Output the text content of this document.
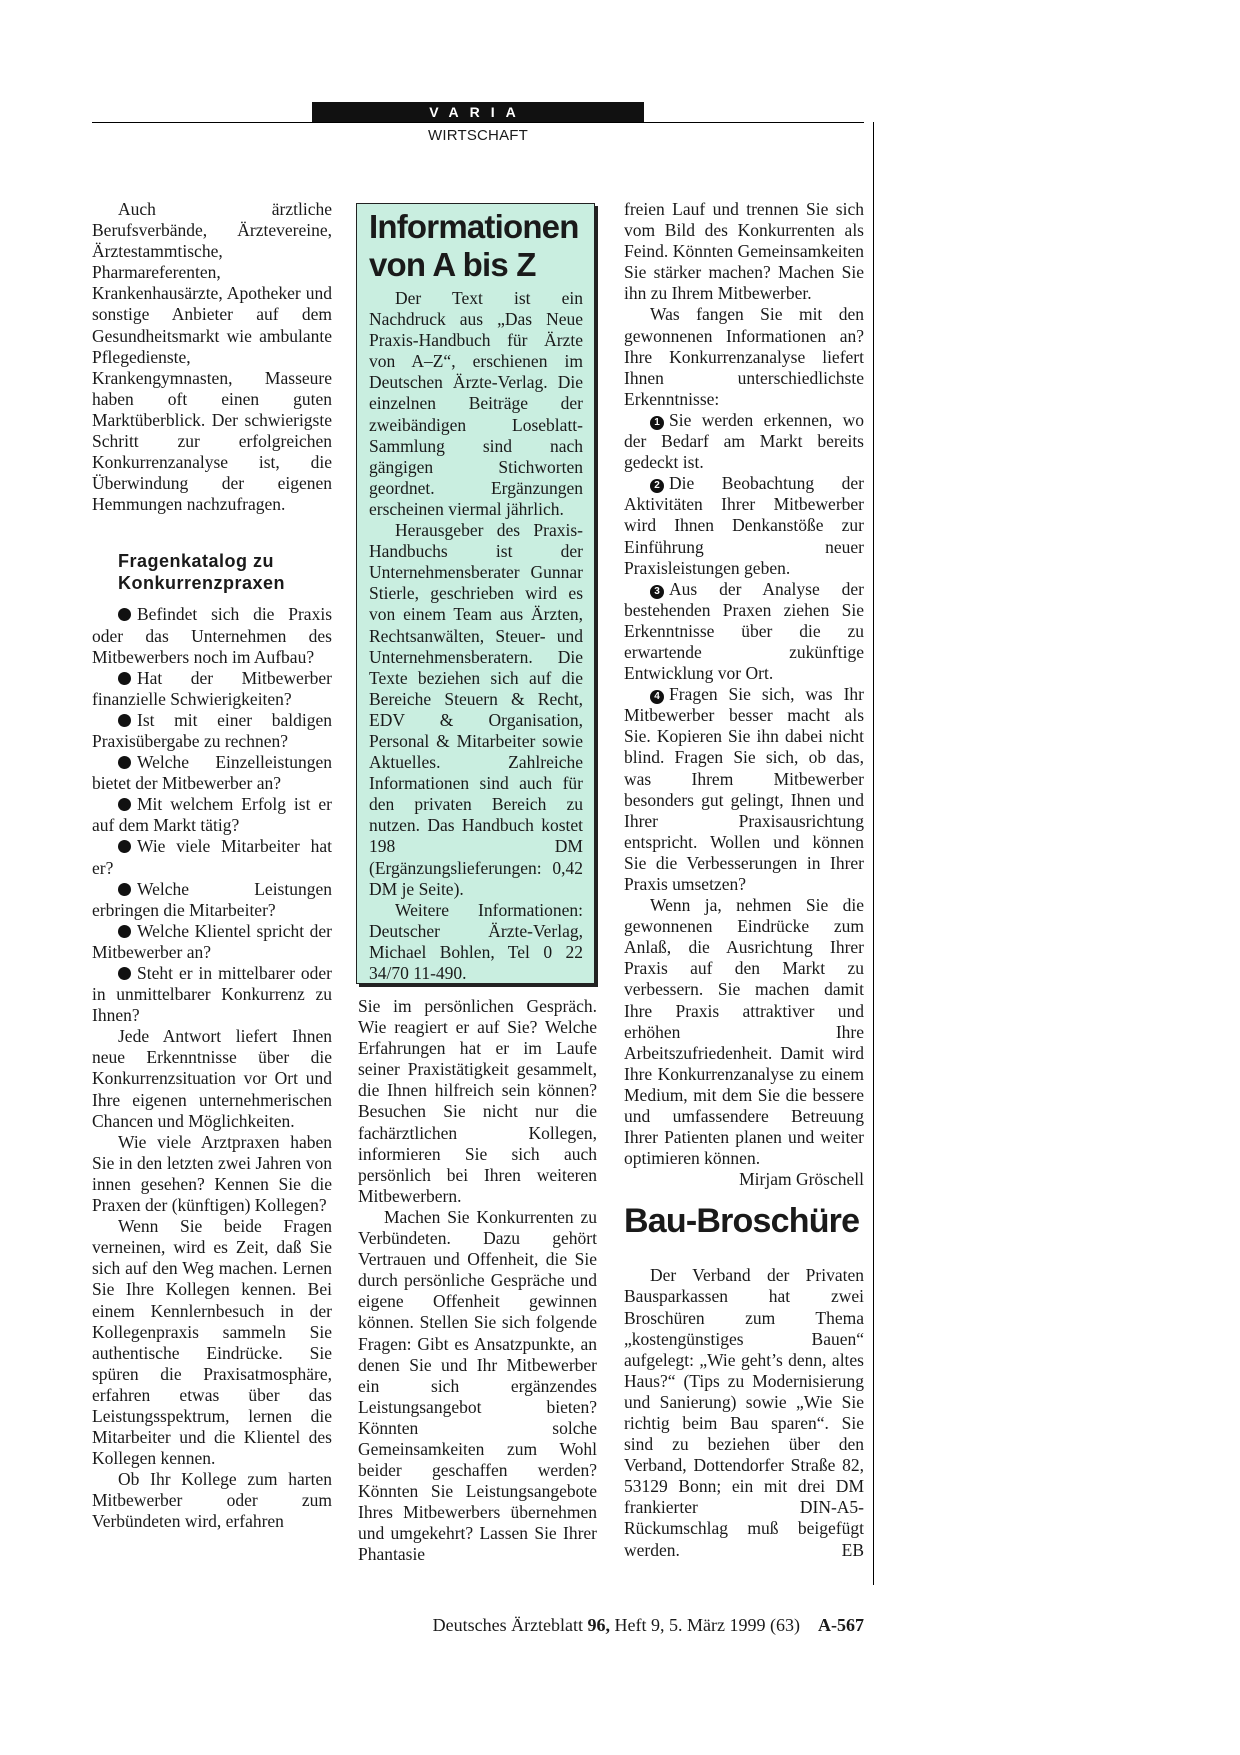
VARIA
WIRTSCHAFT

Auch ärztliche Berufsverbände, Ärztevereine, Ärztestammtische, Pharmareferenten, Krankenhausärzte, Apotheker und sonstige Anbieter auf dem Gesundheitsmarkt wie ambulante Pflegedienste, Krankengymnasten, Masseure haben oft einen guten Marktüberblick. Der schwierigste Schritt zur erfolgreichen Konkurrenzanalyse ist, die Überwindung der eigenen Hemmungen nachzufragen.

Fragenkatalog zu
Konkurrenzpraxen

Befindet sich die Praxis oder das Unternehmen des Mitbewerbers noch im Aufbau?

Hat der Mitbewerber finanzielle Schwierigkeiten?

Ist mit einer baldigen Praxisübergabe zu rechnen?

Welche Einzelleistungen bietet der Mitbewerber an?

Mit welchem Erfolg ist er auf dem Markt tätig?

Wie viele Mitarbeiter hat er?

Welche Leistungen erbringen die Mitarbeiter?

Welche Klientel spricht der Mitbewerber an?

Steht er in mittelbarer oder in unmittelbarer Konkurrenz zu Ihnen?

Jede Antwort liefert Ihnen neue Erkenntnisse über die Konkurrenzsituation vor Ort und Ihre eigenen unternehmerischen Chancen und Möglichkeiten.

Wie viele Arztpraxen haben Sie in den letzten zwei Jahren von innen gesehen? Kennen Sie die Praxen der (künftigen) Kollegen?

Wenn Sie beide Fragen verneinen, wird es Zeit, daß Sie sich auf den Weg machen. Lernen Sie Ihre Kollegen kennen. Bei einem Kennlernbesuch in der Kollegenpraxis sammeln Sie authentische Eindrücke. Sie spüren die Praxisatmosphäre, erfahren etwas über das Leistungsspektrum, lernen die Mitarbeiter und die Klientel des Kollegen kennen.

Ob Ihr Kollege zum harten Mitbewerber oder zum Verbündeten wird, erfahren

Informationen
von A bis Z

Der Text ist ein Nachdruck aus „Das Neue Praxis-Handbuch für Ärzte von A–Z“, erschienen im Deutschen Ärzte-Verlag. Die einzelnen Beiträge der zweibändigen Loseblatt-Sammlung sind nach gängigen Stichworten geordnet. Ergänzungen erscheinen viermal jährlich.

Herausgeber des Praxis-Handbuchs ist der Unternehmensberater Gunnar Stierle, geschrieben wird es von einem Team aus Ärzten, Rechtsanwälten, Steuer- und Unternehmensberatern. Die Texte beziehen sich auf die Bereiche Steuern & Recht, EDV & Organisation, Personal & Mitarbeiter sowie Aktuelles. Zahlreiche Informationen sind auch für den privaten Bereich zu nutzen. Das Handbuch kostet 198 DM (Ergänzungslieferungen: 0,42 DM je Seite).

Weitere Informationen: Deutscher Ärzte-Verlag, Michael Bohlen, Tel 0 22 34/70 11-490.

Sie im persönlichen Gespräch. Wie reagiert er auf Sie? Welche Erfahrungen hat er im Laufe seiner Praxistätigkeit gesammelt, die Ihnen hilfreich sein können? Besuchen Sie nicht nur die fachärztlichen Kollegen, informieren Sie sich auch persönlich bei Ihren weiteren Mitbewerbern.

Machen Sie Konkurrenten zu Verbündeten. Dazu gehört Vertrauen und Offenheit, die Sie durch persönliche Gespräche und eigene Offenheit gewinnen können. Stellen Sie sich folgende Fragen: Gibt es Ansatzpunkte, an denen Sie und Ihr Mitbewerber ein sich ergänzendes Leistungsangebot bieten? Könnten solche Gemeinsamkeiten zum Wohl beider geschaffen werden? Könnten Sie Leistungsangebote Ihres Mitbewerbers übernehmen und umgekehrt? Lassen Sie Ihrer Phantasie

freien Lauf und trennen Sie sich vom Bild des Konkurrenten als Feind. Könnten Gemeinsamkeiten Sie stärker machen? Machen Sie ihn zu Ihrem Mitbewerber.

Was fangen Sie mit den gewonnenen Informationen an? Ihre Konkurrenzanalyse liefert Ihnen unterschiedlichste Erkenntnisse:

1 Sie werden erkennen, wo der Bedarf am Markt bereits gedeckt ist.

2 Die Beobachtung der Aktivitäten Ihrer Mitbewerber wird Ihnen Denkanstöße zur Einführung neuer Praxisleistungen geben.

3 Aus der Analyse der bestehenden Praxen ziehen Sie Erkenntnisse über die zu erwartende zukünftige Entwicklung vor Ort.

4 Fragen Sie sich, was Ihr Mitbewerber besser macht als Sie. Kopieren Sie ihn dabei nicht blind. Fragen Sie sich, ob das, was Ihrem Mitbewerber besonders gut gelingt, Ihnen und Ihrer Praxisausrichtung entspricht. Wollen und können Sie die Verbesserungen in Ihrer Praxis umsetzen?

Wenn ja, nehmen Sie die gewonnenen Eindrücke zum Anlaß, die Ausrichtung Ihrer Praxis auf den Markt zu verbessern. Sie machen damit Ihre Praxis attraktiver und erhöhen Ihre Arbeitszufriedenheit. Damit wird Ihre Konkurrenzanalyse zu einem Medium, mit dem Sie die bessere und umfassendere Betreuung Ihrer Patienten planen und weiter optimieren können.
Mirjam Gröschell

Bau-Broschüre

Der Verband der Privaten Bausparkassen hat zwei Broschüren zum Thema „kostengünstiges Bauen“ aufgelegt: „Wie geht’s denn, altes Haus?“ (Tips zu Modernisierung und Sanierung) sowie „Wie Sie richtig beim Bau sparen“. Sie sind zu beziehen über den Verband, Dottendorfer Straße 82, 53129 Bonn; ein mit drei DM frankierter DIN-A5-Rückumschlag muß beigefügt werden.	EB

Deutsches Ärzteblatt 96, Heft 9, 5. März 1999 (63) A-567
